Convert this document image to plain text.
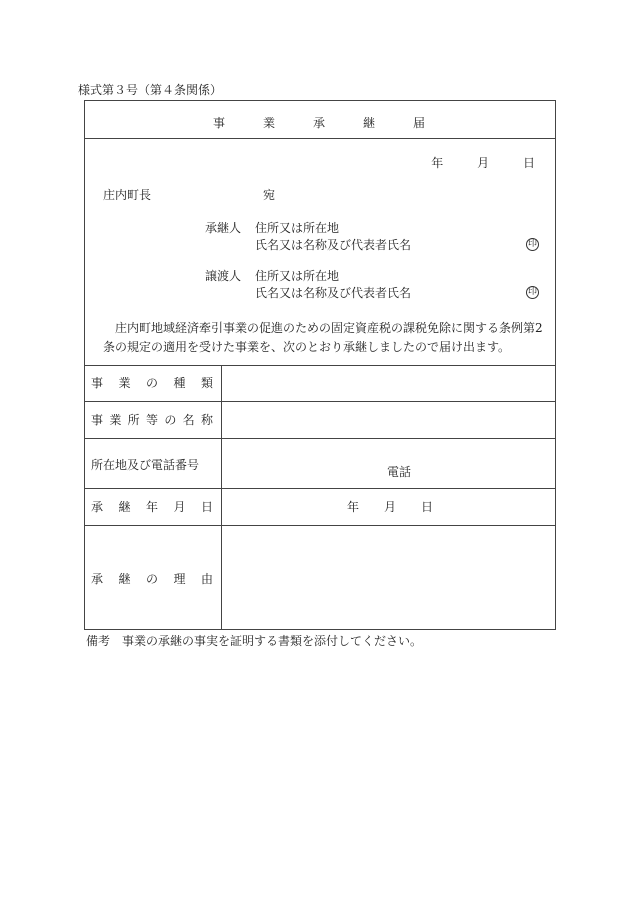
様式第３号（第４条関係）
事	業	承	継	届
年	月	日
庄内町長	宛
承継人 住所又は所在地
氏名又は名称及び代表者氏名	印
譲渡人 住所又は所在地
氏名又は名称及び代表者氏名	印
庄内町地域経済牽引事業の促進のための固定資産税の課税免除に関する条例第2条の規定の適用を受けた事業を、次のとおり承継しましたので届け出ます。
事 業 の 種 類
事 業 所 等 の 名 称
所在地及び電話番号	電話
承 継 年 月 日	年 月 日
承 継 の 理 由
備考　事業の承継の事実を証明する書類を添付してください。
